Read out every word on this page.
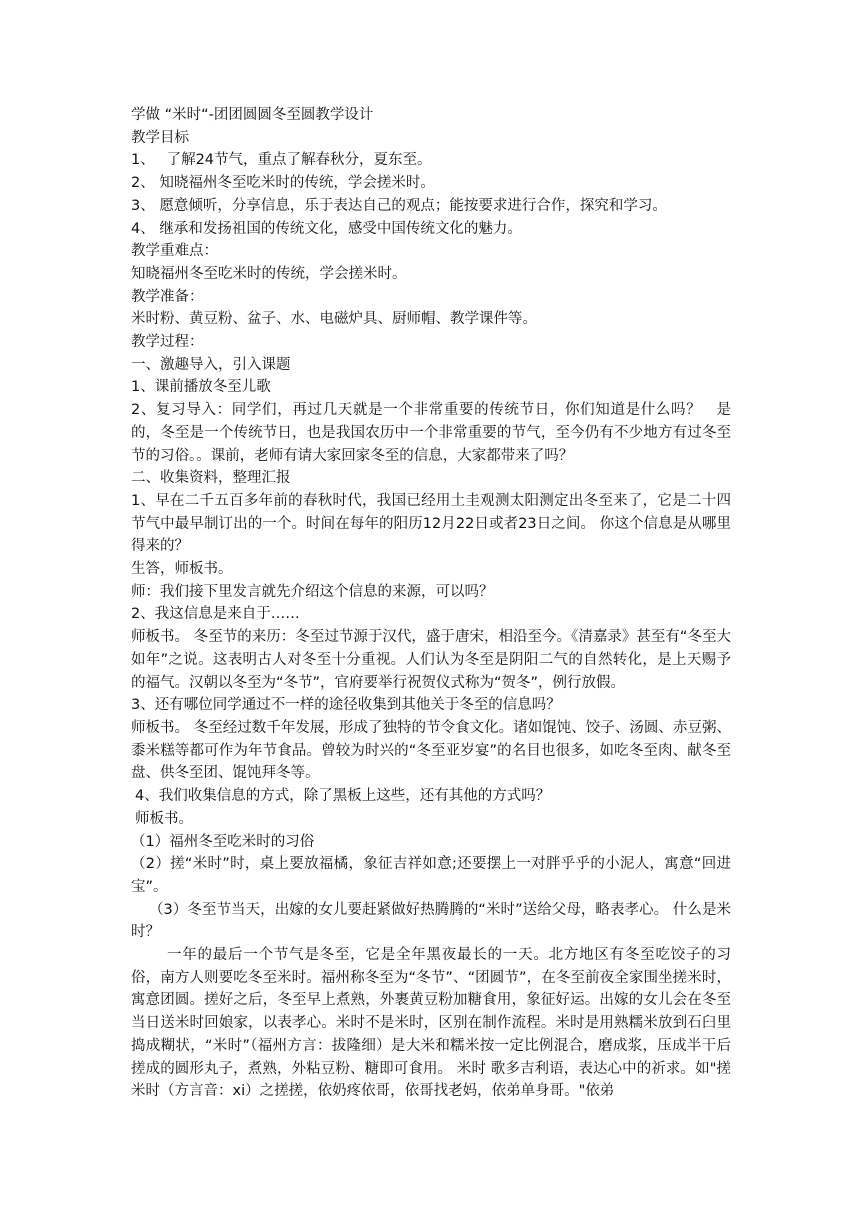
学做 “米时“-团团圆圆冬至圆教学设计

教学目标

1、　 了解24节气，重点了解春秋分，夏东至。

2、 知晓福州冬至吃米时的传统，学会搓米时。

3、 愿意倾听，分享信息，乐于表达自己的观点；能按要求进行合作，探究和学习。

4、 继承和发扬祖国的传统文化，感受中国传统文化的魅力。

教学重难点：

知晓福州冬至吃米时的传统，学会搓米时。

教学准备：

米时粉、黄豆粉、盆子、水、电磁炉具、厨师帽、教学课件等。

教学过程：

一、激趣导入，引入课题

1、课前播放冬至儿歌

2、复习导入：同学们，再过几天就是一个非常重要的传统节日，你们知道是什么吗？　是的，冬至是一个传统节日，也是我国农历中一个非常重要的节气，至今仍有不少地方有过冬至节的习俗。。课前，老师有请大家回家冬至的信息，大家都带来了吗？

二、收集资料，整理汇报

1、早在二千五百多年前的春秋时代，我国已经用土圭观测太阳测定出冬至来了，它是二十四节气中最早制订出的一个。时间在每年的阳历12月22日或者23日之间。 你这个信息是从哪里得来的？

生答，师板书。

师：我们接下里发言就先介绍这个信息的来源，可以吗？

2、我这信息是来自于……

师板书。 冬至节的来历：冬至过节源于汉代，盛于唐宋，相沿至今。《清嘉录》甚至有“冬至大如年”之说。这表明古人对冬至十分重视。人们认为冬至是阴阳二气的自然转化，是上天赐予的福气。汉朝以冬至为“冬节”，官府要举行祝贺仪式称为“贺冬”，例行放假。

3、还有哪位同学通过不一样的途径收集到其他关于冬至的信息吗？

师板书。 冬至经过数千年发展，形成了独特的节令食文化。诸如馄饨、饺子、汤圆、赤豆粥、黍米糕等都可作为年节食品。曾较为时兴的“冬至亚岁宴”的名目也很多，如吃冬至肉、献冬至盘、供冬至团、馄饨拜冬等。

4、我们收集信息的方式，除了黑板上这些，还有其他的方式吗？

师板书。

（1）福州冬至吃米时的习俗

（2）搓“米时”时，桌上要放福橘，象征吉祥如意;还要摆上一对胖乎乎的小泥人，寓意“回进宝”。

（3）冬至节当天，出嫁的女儿要赶紧做好热腾腾的“米时”送给父母，略表孝心。 什么是米时？

一年的最后一个节气是冬至，它是全年黑夜最长的一天。北方地区有冬至吃饺子的习俗，南方人则要吃冬至米时。福州称冬至为“冬节”、“团圆节”，在冬至前夜全家围坐搓米时，寓意团圆。搓好之后，冬至早上煮熟，外裹黄豆粉加糖食用，象征好运。出嫁的女儿会在冬至当日送米时回娘家，以表孝心。米时不是米时，区别在制作流程。米时是用熟糯米放到石臼里捣成糊状，“米时”（福州方言：拔隆细）是大米和糯米按一定比例混合，磨成浆，压成半干后搓成的圆形丸子，煮熟，外粘豆粉、糖即可食用。 米时 歌多吉利语，表达心中的祈求。如"搓米时（方言音：xi）之搓搓，依奶疼依哥，依哥找老妈，依弟单身哥。"依弟
